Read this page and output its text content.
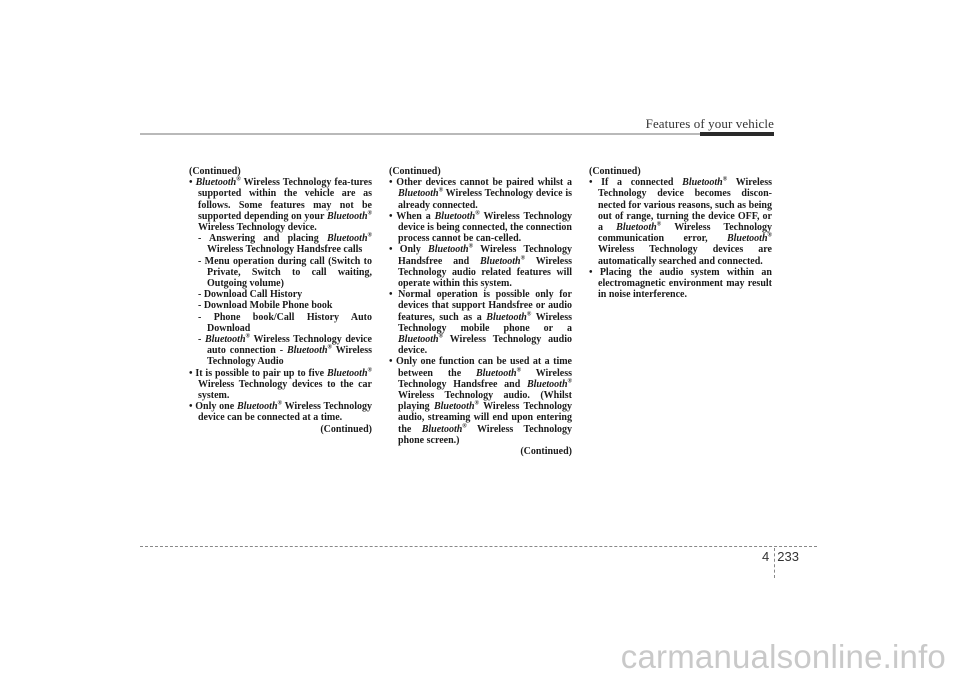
Features of your vehicle

(Continued)

• Bluetooth® Wireless Technology fea-tures supported within the vehicle are as follows. Some features may not be supported depending on your Bluetooth® Wireless Technology device.

- Answering and placing Bluetooth® Wireless Technology Handsfree calls

- Menu operation during call (Switch to Private, Switch to call waiting, Outgoing volume)

- Download Call History

- Download Mobile Phone book

- Phone book/Call History Auto Download

- Bluetooth® Wireless Technology device auto connection - Bluetooth® Wireless Technology Audio

• It is possible to pair up to five Bluetooth® Wireless Technology devices to the car system.

• Only one Bluetooth® Wireless Technology device can be connected at a time.

(Continued)

(Continued)

• Other devices cannot be paired whilst a Bluetooth® Wireless Technology device is already connected.

• When a Bluetooth® Wireless Technology device is being connected, the connection process cannot be can-celled.

• Only Bluetooth® Wireless Technology Handsfree and Bluetooth® Wireless Technology audio related features will operate within this system.

• Normal operation is possible only for devices that support Handsfree or audio features, such as a Bluetooth® Wireless Technology mobile phone or a Bluetooth® Wireless Technology audio device.

• Only one function can be used at a time between the Bluetooth® Wireless Technology Handsfree and Bluetooth® Wireless Technology audio. (Whilst playing Bluetooth® Wireless Technology audio, streaming will end upon entering the Bluetooth® Wireless Technology phone screen.)

(Continued)

(Continued)

• If a connected Bluetooth® Wireless Technology device becomes discon-nected for various reasons, such as being out of range, turning the device OFF, or a Bluetooth® Wireless Technology communication error, Bluetooth® Wireless Technology devices are automatically searched and connected.

• Placing the audio system within an electromagnetic environment may result in noise interference.

4 233
carmanualsonline.info
